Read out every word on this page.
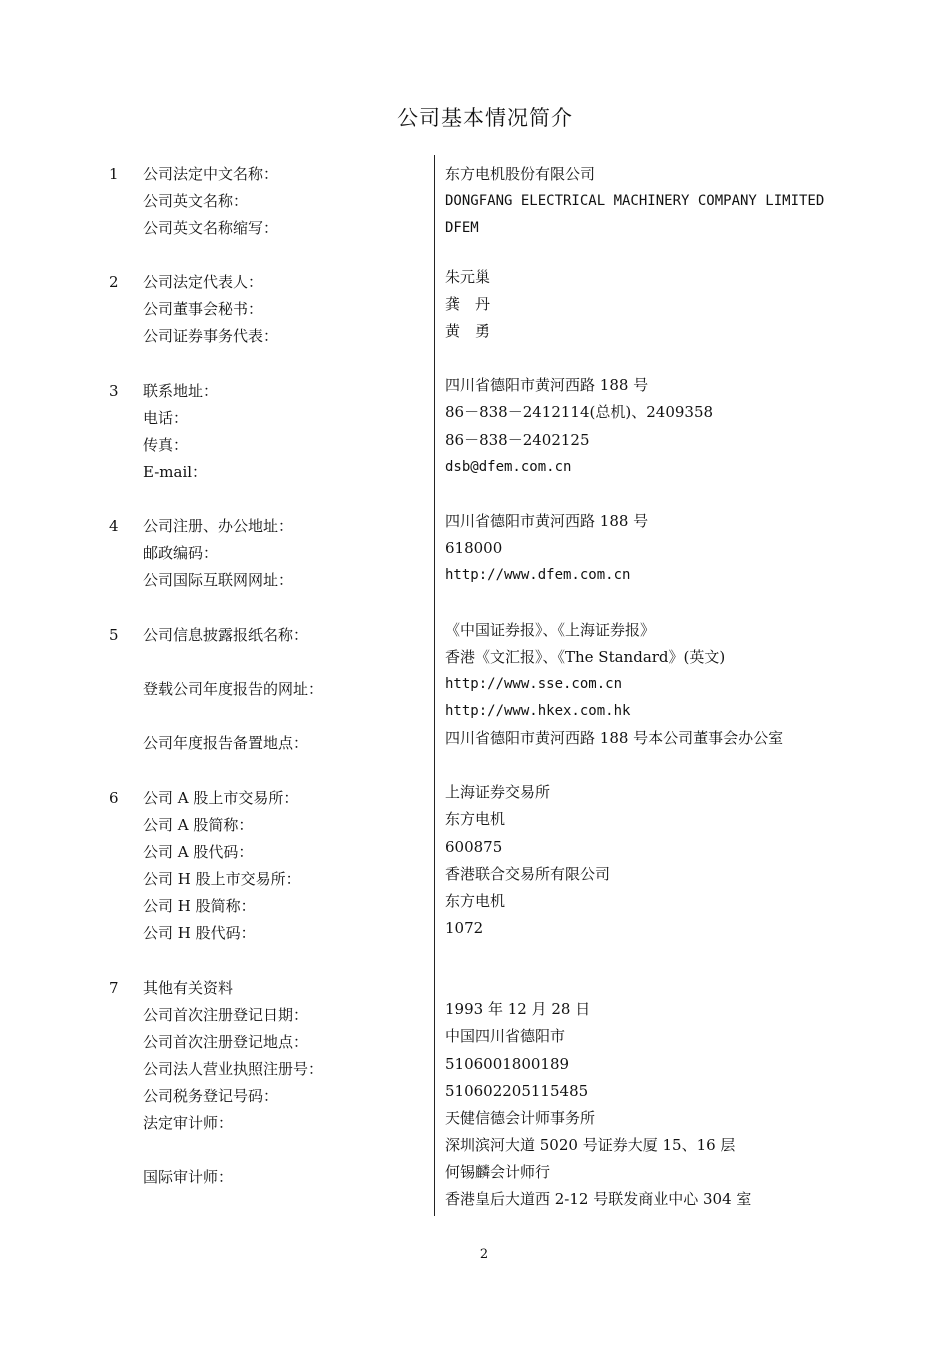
公司基本情况简介
1 公司法定中文名称：	东方电机股份有限公司
公司英文名称：	DONGFANG ELECTRICAL MACHINERY COMPANY LIMITED
公司英文名称缩写：	DFEM
2 公司法定代表人：	朱元巢
公司董事会秘书：	龚　丹
公司证券事务代表：	黄　勇
3 联系地址：	四川省德阳市黄河西路 188 号
电话：	86－838－2412114(总机)、2409358
传真：	86－838－2402125
E-mail：	dsb@dfem.com.cn
4 公司注册、办公地址：	四川省德阳市黄河西路 188 号
邮政编码：	618000
公司国际互联网网址：	http://www.dfem.com.cn
5 公司信息披露报纸名称：	《中国证券报》、《上海证券报》
香港《文汇报》、《The Standard》(英文)
登载公司年度报告的网址：	http://www.sse.com.cn
http://www.hkex.com.hk
公司年度报告备置地点：	四川省德阳市黄河西路 188 号本公司董事会办公室
6 公司 A 股上市交易所：	上海证券交易所
公司 A 股简称：	东方电机
公司 A 股代码：	600875
公司 H 股上市交易所：	香港联合交易所有限公司
公司 H 股简称：	东方电机
公司 H 股代码：	1072
7 其他有关资料
公司首次注册登记日期：	1993 年 12 月 28 日
公司首次注册登记地点：	中国四川省德阳市
公司法人营业执照注册号：	5106001800189
公司税务登记号码：	510602205115485
法定审计师：	天健信德会计师事务所
深圳滨河大道 5020 号证券大厦 15、16 层
国际审计师：	何锡麟会计师行
香港皇后大道西 2-12 号联发商业中心 304 室
2
